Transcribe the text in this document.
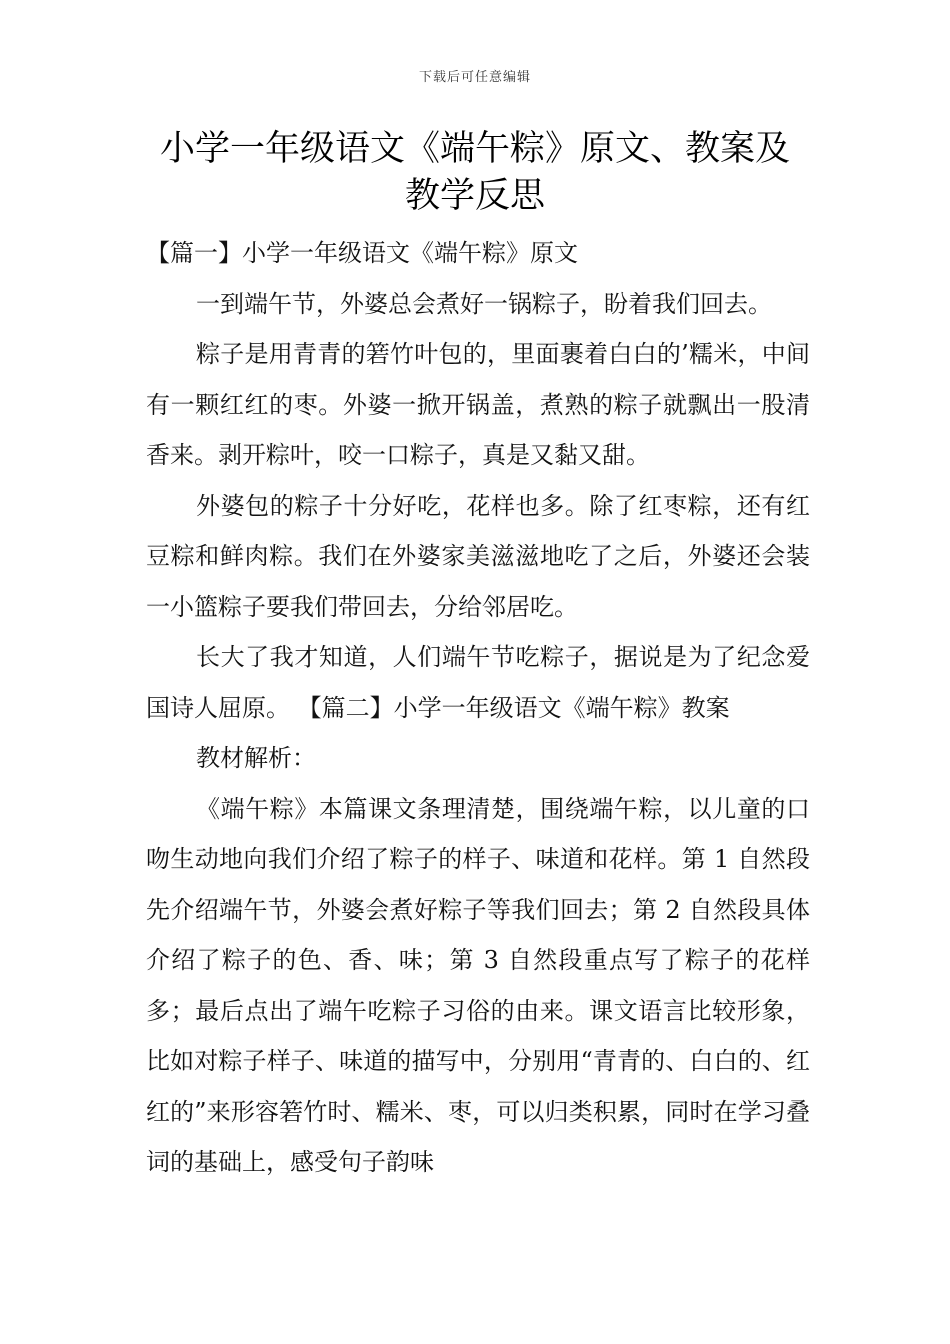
下载后可任意编辑
小学一年级语文《端午粽》原文、教案及
教学反思

【篇一】小学一年级语文《端午粽》原文

一到端午节，外婆总会煮好一锅粽子，盼着我们回去。

粽子是用青青的箬竹叶包的，里面裹着白白的’糯米，中间有一颗红红的枣。外婆一掀开锅盖，煮熟的粽子就飘出一股清香来。剥开粽叶，咬一口粽子，真是又黏又甜。

外婆包的粽子十分好吃，花样也多。除了红枣粽，还有红豆粽和鲜肉粽。我们在外婆家美滋滋地吃了之后，外婆还会装一小篮粽子要我们带回去，分给邻居吃。

长大了我才知道，人们端午节吃粽子，据说是为了纪念爱国诗人屈原。 【篇二】小学一年级语文《端午粽》教案

教材解析：

《端午粽》本篇课文条理清楚，围绕端午粽，以儿童的口吻生动地向我们介绍了粽子的样子、味道和花样。第 1 自然段先介绍端午节，外婆会煮好粽子等我们回去；第 2 自然段具体介绍了粽子的色、香、味；第 3 自然段重点写了粽子的花样多；最后点出了端午吃粽子习俗的由来。课文语言比较形象，比如对粽子样子、味道的描写中，分别用“青青的、白白的、红红的”来形容箬竹时、糯米、枣，可以归类积累，同时在学习叠词的基础上，感受句子韵味
